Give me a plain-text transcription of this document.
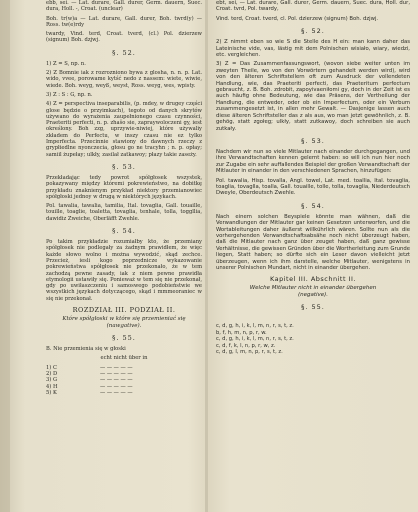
ebb, sei. — Lat. durare, Gall. durer, Germ. dauern, Suec. dura, Holl. -, Croat. (unclear)
Boh. tr(w)a — Lat. durare, Gall. durer, Boh. twrd(y) — Ross. tw(e)rdy
twardy, Vind. terd, Croat. tverd, (cl.) Pol. dzierzew (signum) Boh. dzjwj.
§. 52.
1) Z = S, np. n.
2) Z Bomnie iak z rozrozniono bywa z glosha, n. n. p. Lat. wido, vvee, porowame kytść nedo z nassem: wiete, wiwie, wiede. Boh. weyg, weyß, weyst, Ross. weyg, wes, wpisty.
3) Z : S : G, np. n.
4) Z = perspectiva inseparabilis, (p. mdey, w drugey części glose będzie o przyimkach), tegoto od danych skrytów używano do wyrażenia zaupełnionego czasu czynności, Praeteriti perfecti, n. p. zhašo sie, zapraywoloczeni gy, iest określony. Boh zzg, uprzywie-niwiej, które używaliy zkładem do Perfectu, w inszy czasu nie ez tylko Imperfecta. Przecinnie stawiony do dawnych rzeczy z grypłiedlne nyonczecia, głosu go ne tracyhn ; n. p. opłay; samiil żupełay; ulkły, zasilał zatkawoy; płazy takie zaseży.
§. 53.
Przekładając tedy powrot spółgłosek wszystek, pokazywany między któremi pokrewieństwo, na dobitkę przykładu znaknienym przykład niektory przemianowiec spółgłoski jednoy w drugą w niektórych językach.
Pol. tawalia, tawalia, tamilia, Ital. tovaglia, Gall. touaille, touille, toaglie, toaletta, tovaglia, tenhale, tolla, toggllia, dawidiz Zweiche, Oberläfft Zwehle.
§. 54.
Po takim przykładzie rozumiałby kto, że przemiany spółgłosek nie podlegały za żadnym prawidłem, że więc każde słowo wolno i można wywodzić, skąd zechce. Przecież, iesli kogo poprzednicze wykazowanie pokrewieństwa spółgłosek nie przekonało, że w tem zachodzą pewne zasady, iak z niem pewne prawidła etymologii ustawiły się. Ponieważ w tem się nie przekonał, gdy po uwiłaszczeniu i samoswego podobieństwie we wszystkich językach dotyczącego, skąd i mmmeoraniec w się nie przekonał.
ROZDZIAŁ III. PODZIAŁ II.
Które spółgłoski w które się przemieniać się
(nawgative).
§. 55.
B. Nie przemienia się w głoski
echt nicht über in
1) C	— — — — —
2) D	— — — — —
3) G	— — — — —
4) H	— — — — —
5) K	— — — — —
ebt, sei, — Lat. durare, Gall. durer, Germ. dauern, Suec. dura, Holl. dur, Croat. tvrd, Pol. twardy,
Vind. terd, Croat. tverd, cl. Pol. dzierzew (signum) Boh. dzjwj.
§. 52.
2) Z nimmt eben so wie S die Stelle des H ein: man kann daher das Lateinische vide, vas, lästig mit dem Polnischen wisiało, wiary, wiedzi, etc. vergleichen.
3) Z = Das Zusammenfassungswort, (wovon siebe weiter unten im zweyten Theile, wo von den Vorwörtern gehandelt werden wird), wird von den älteren Schriftstellern oft zum Ausdruck der vollendeten Handlung, wie, das Praeteriti perfecti, das Praeteritum perfectum gebraucht, z. B. Boh. zdrobit, zapoyivaeniłomi gy, doch in der Zeit ist es auch häufig ohne Bedeutung, wie das Präsens, der Vertheilung der Handlung, die entweder, oder ob ein Imperfectum, oder ein Verbum zusammengesetzt ist, in allen mehr Gewalt. — Dasjenige lassen auch diese älteren Schriftsteller das z als aus, wo man jetzt gewöhnlich, z. B. gehög, statt zgołeg; ulkły, statt zutkawoy, doch schreiben sie auch zutkały.
§. 53.
Nachdem wir nun so viele Mitlauter nach einander durchgegangen, und ihre Verwandtschaften kennen gelernt haben: so will ich nun hier noch zur Zugabe ein sehr auffallendes Beispiel der großen Verwandtschaft der Mitlauter in einander in den verschiedenen Sprachen, hinzufügen:
Pol. tawalia, Hisp. tovalla, Angl. towel, Lat. med. toallia, Ital. tovaglia, toaglia, tovaglla, toalla, Gall. touaille, tolle, tolla, tovaglia, Niederdeutsch Dweyle, Oberdeutsch Zwehle.
§. 54.
Nach einem solchen Beyspiele könnte man wähnen, daß die Verwandlungen der Mitlauter gar keinen Gesetzen unterworfen, und die Wortableitungen daher äußerst willkührlich wären. Sollte nun als die vorhergehenden Verwandtschaftsabsähe noch nicht überzeugt haben, daß die Mitlauter nach ganz über zeuget haben, daß ganz gewisse Verhältnisse, die gewissen Gründen über die Wortherleitung zum Grunde liegen, Statt haben; so dürfte sich ein Leser davon vielleicht jetzt überzeugen, wenn ich ihm darstelle, welche Mitlauter, wenigstens in unserer Polnischen Mundart, nicht in einander übergehen.
Kapitel III. Abschnitt II.
Welche Mitlauter nicht in einander übergehen
(negative).
§. 55.
c, d, g, h, i, k, l, m, n, r, s, t, z.
b, f, h, m, n, p, r, w.
c, d, g, h, i, k, l, m, n, r, s, t, z.
c, d, f, k, l, n, p, r, w, z.
c, d, g, l, m, n, p, r, s, t, z.
